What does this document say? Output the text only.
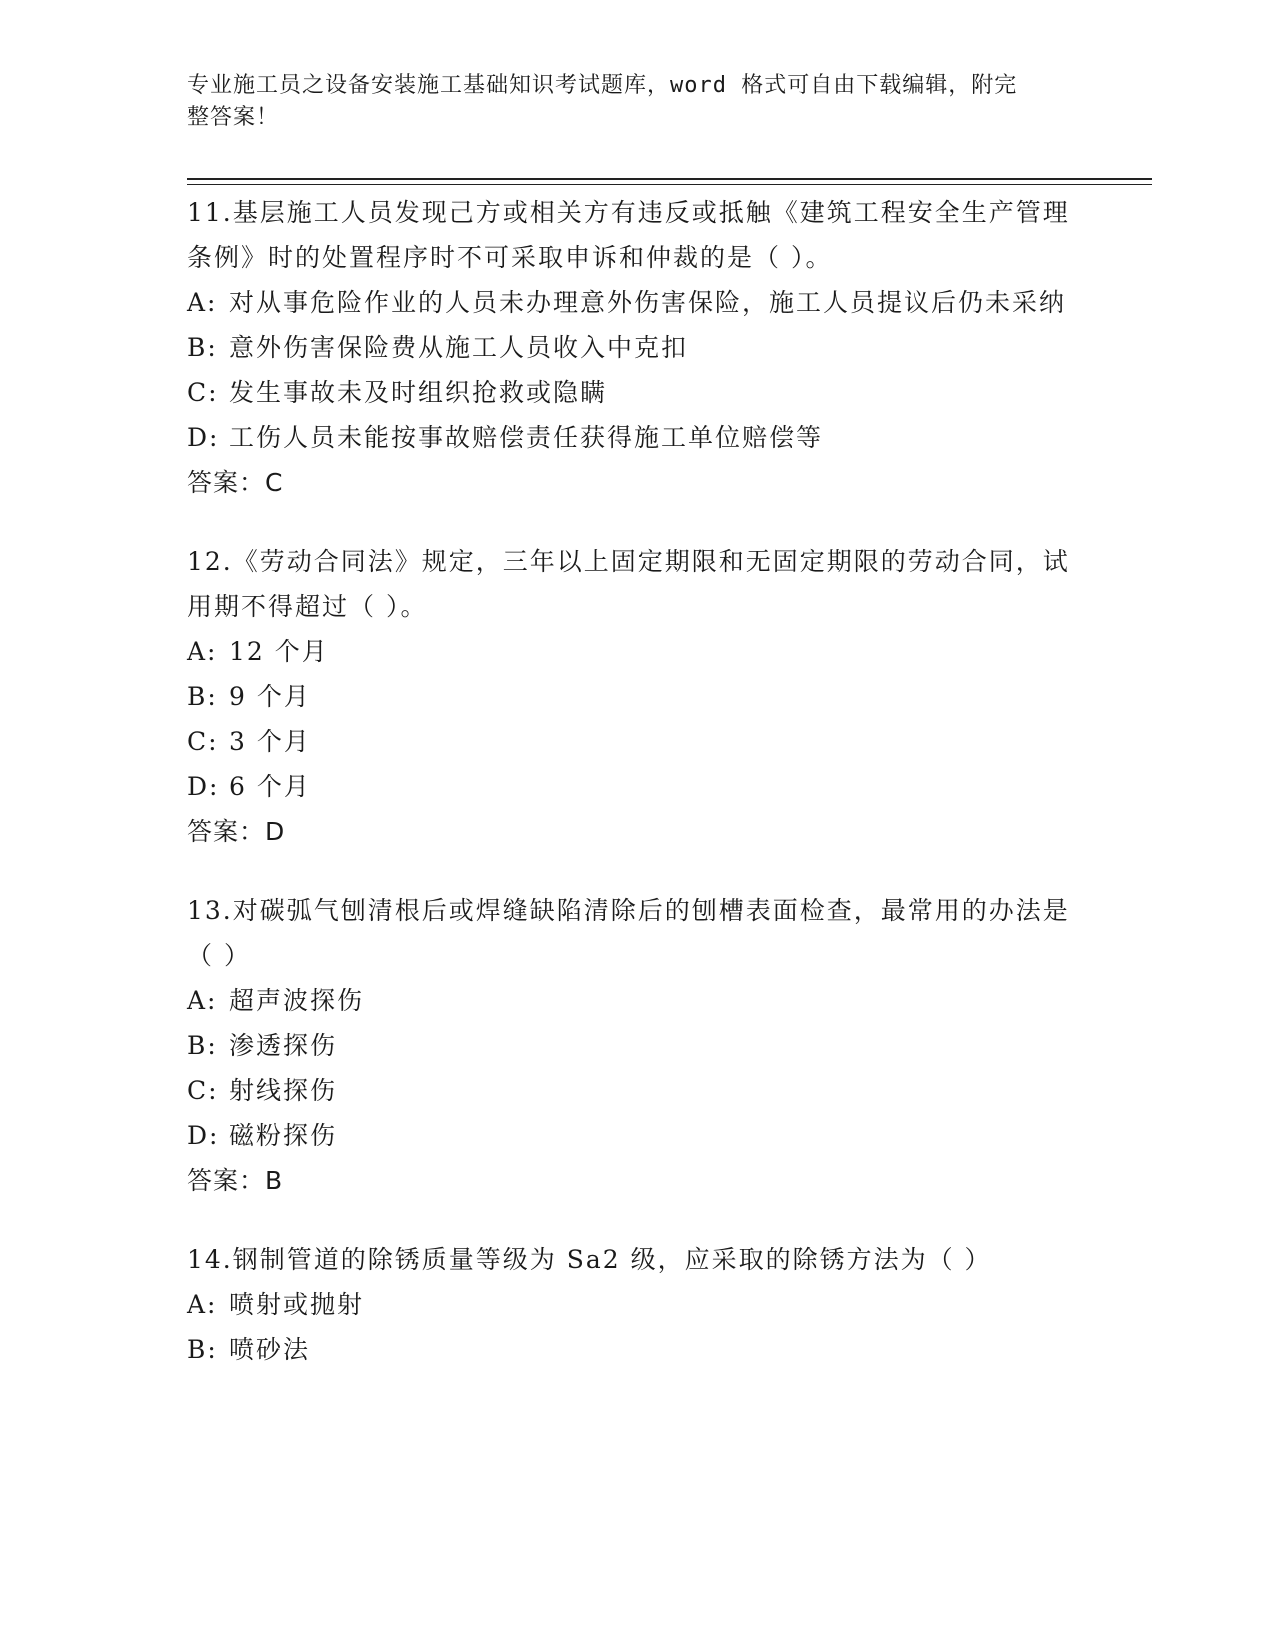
专业施工员之设备安装施工基础知识考试题库，word 格式可自由下载编辑，附完
整答案！
11.基层施工人员发现己方或相关方有违反或抵触《建筑工程安全生产管理条例》时的处置程序时不可采取申诉和仲裁的是（ ）。
A: 对从事危险作业的人员未办理意外伤害保险，施工人员提议后仍未采纳
B: 意外伤害保险费从施工人员收入中克扣
C: 发生事故未及时组织抢救或隐瞒
D: 工伤人员未能按事故赔偿责任获得施工单位赔偿等
答案：C
12.《劳动合同法》规定，三年以上固定期限和无固定期限的劳动合同，试用期不得超过（ ）。
A: 12 个月
B: 9 个月
C: 3 个月
D: 6 个月
答案：D
13.对碳弧气刨清根后或焊缝缺陷清除后的刨槽表面检查，最常用的办法是（ ）
A: 超声波探伤
B: 渗透探伤
C: 射线探伤
D: 磁粉探伤
答案：B
14.钢制管道的除锈质量等级为 Sa2 级，应采取的除锈方法为（ ）
A: 喷射或抛射
B: 喷砂法
